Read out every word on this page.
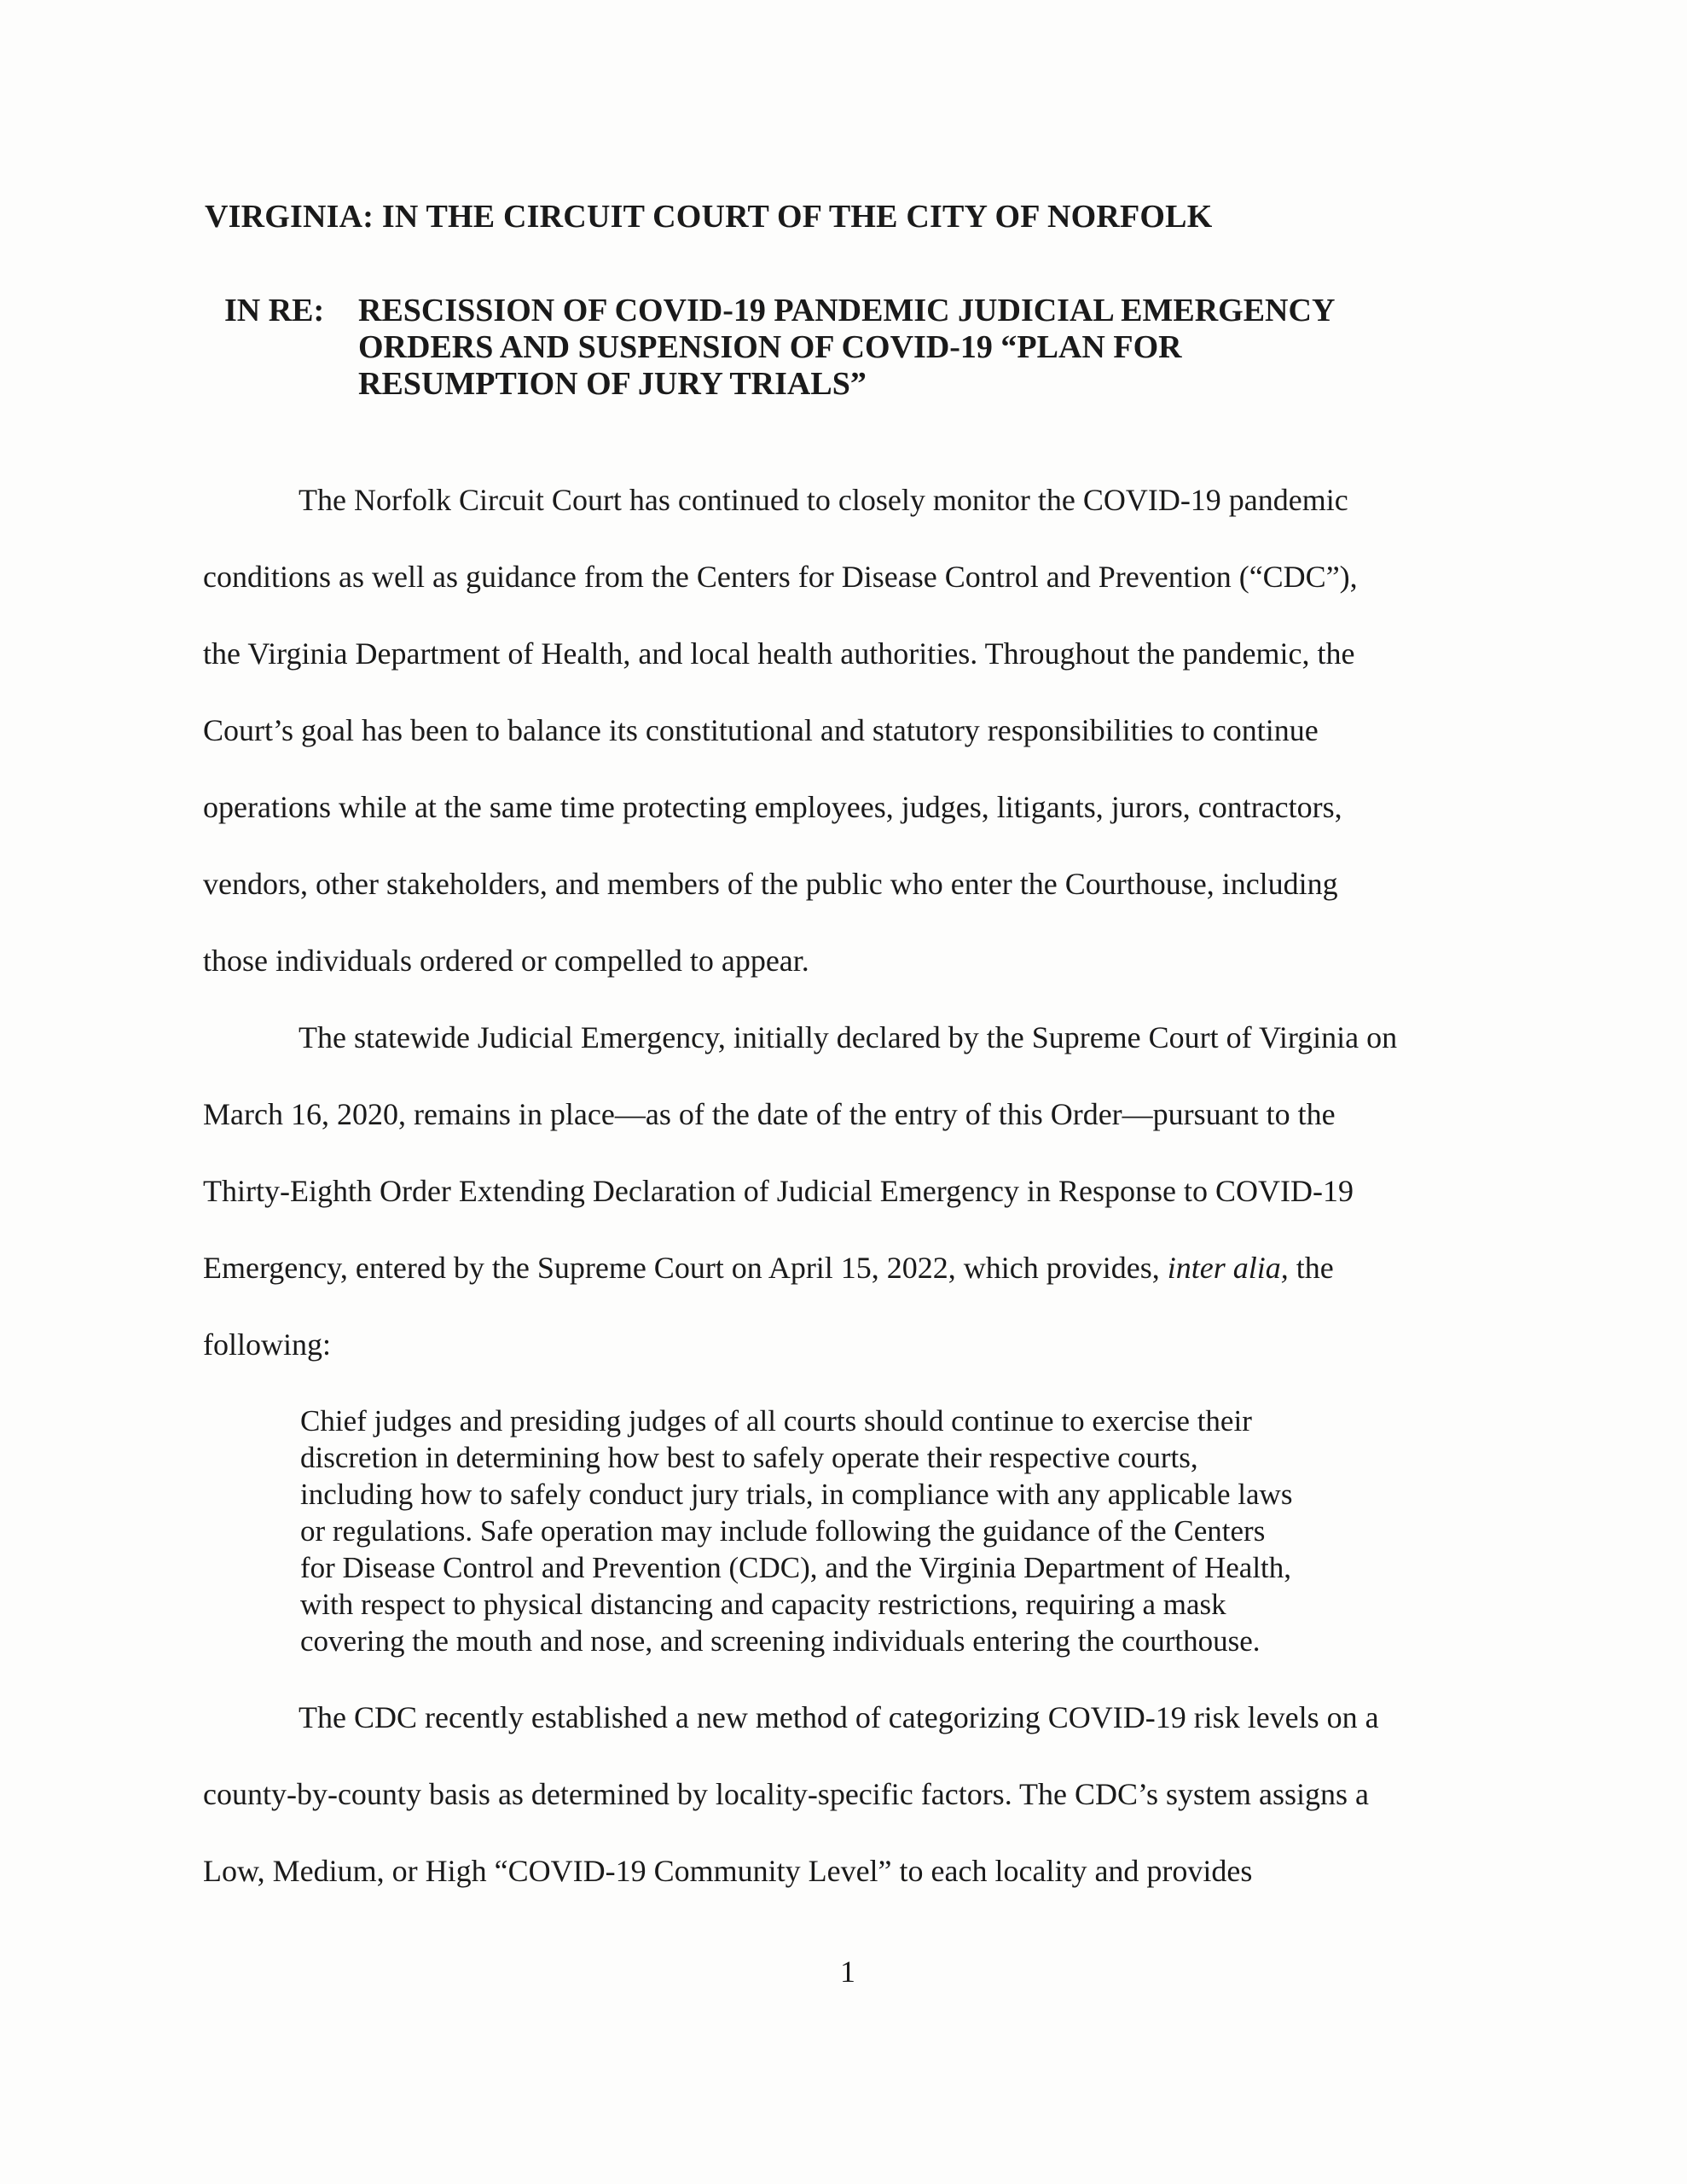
VIRGINIA: IN THE CIRCUIT COURT OF THE CITY OF NORFOLK
IN RE: RESCISSION OF COVID-19 PANDEMIC JUDICIAL EMERGENCY
ORDERS AND SUSPENSION OF COVID-19 “PLAN FOR
RESUMPTION OF JURY TRIALS”
The Norfolk Circuit Court has continued to closely monitor the COVID-19 pandemic
conditions as well as guidance from the Centers for Disease Control and Prevention (“CDC”),
the Virginia Department of Health, and local health authorities. Throughout the pandemic, the
Court’s goal has been to balance its constitutional and statutory responsibilities to continue
operations while at the same time protecting employees, judges, litigants, jurors, contractors,
vendors, other stakeholders, and members of the public who enter the Courthouse, including
those individuals ordered or compelled to appear.
The statewide Judicial Emergency, initially declared by the Supreme Court of Virginia on
March 16, 2020, remains in place—as of the date of the entry of this Order—pursuant to the
Thirty-Eighth Order Extending Declaration of Judicial Emergency in Response to COVID-19
Emergency, entered by the Supreme Court on April 15, 2022, which provides, inter alia, the
following:
Chief judges and presiding judges of all courts should continue to exercise their
discretion in determining how best to safely operate their respective courts,
including how to safely conduct jury trials, in compliance with any applicable laws
or regulations. Safe operation may include following the guidance of the Centers
for Disease Control and Prevention (CDC), and the Virginia Department of Health,
with respect to physical distancing and capacity restrictions, requiring a mask
covering the mouth and nose, and screening individuals entering the courthouse.
The CDC recently established a new method of categorizing COVID-19 risk levels on a
county-by-county basis as determined by locality-specific factors. The CDC’s system assigns a
Low, Medium, or High “COVID-19 Community Level” to each locality and provides
1
